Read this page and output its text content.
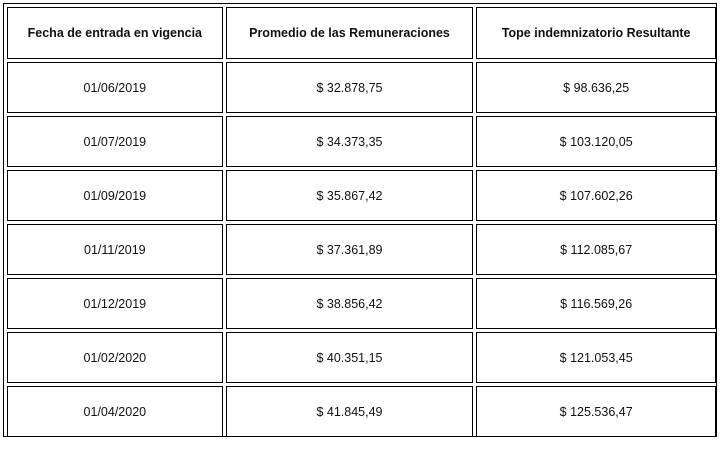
Fecha de entrada en vigencia	Promedio de las Remuneraciones	Tope indemnizatorio Resultante
01/06/2019	$ 32.878,75	$ 98.636,25
01/07/2019	$ 34.373,35	$ 103.120,05
01/09/2019	$ 35.867,42	$ 107.602,26
01/11/2019	$ 37.361,89	$ 112.085,67
01/12/2019	$ 38.856,42	$ 116.569,26
01/02/2020	$ 40.351,15	$ 121.053,45
01/04/2020	$ 41.845,49	$ 125.536,47
